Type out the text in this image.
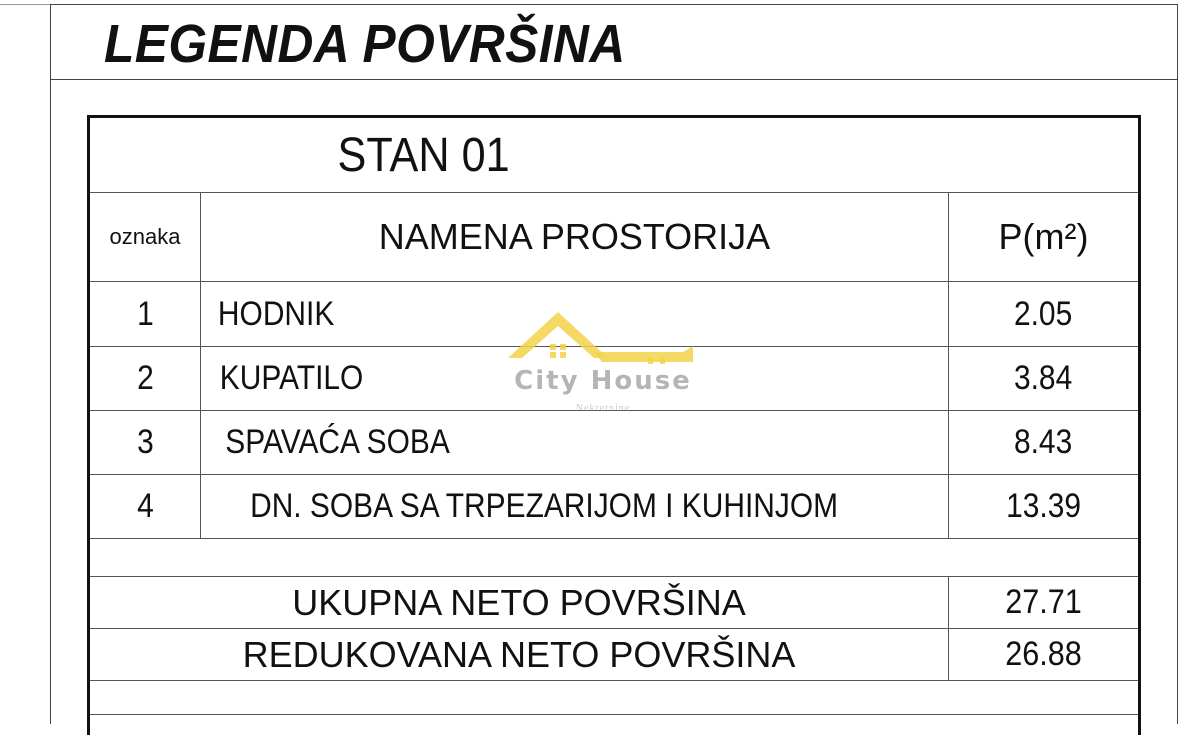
LEGENDA POVRŠINA
STAN 01
oznaka	NAMENA PROSTORIJA	P(m²)
1 HODNIK	2.05
2 KUPATILO	3.84
3 SPAVAĆA SOBA	8.43
4	DN. SOBA SA TRPEZARIJOM I KUHINJOM	13.39
UKUPNA NETO POVRŠINA	27.71
REDUKOVANA NETO POVRŠINA	26.88
City House
Nekretnine
